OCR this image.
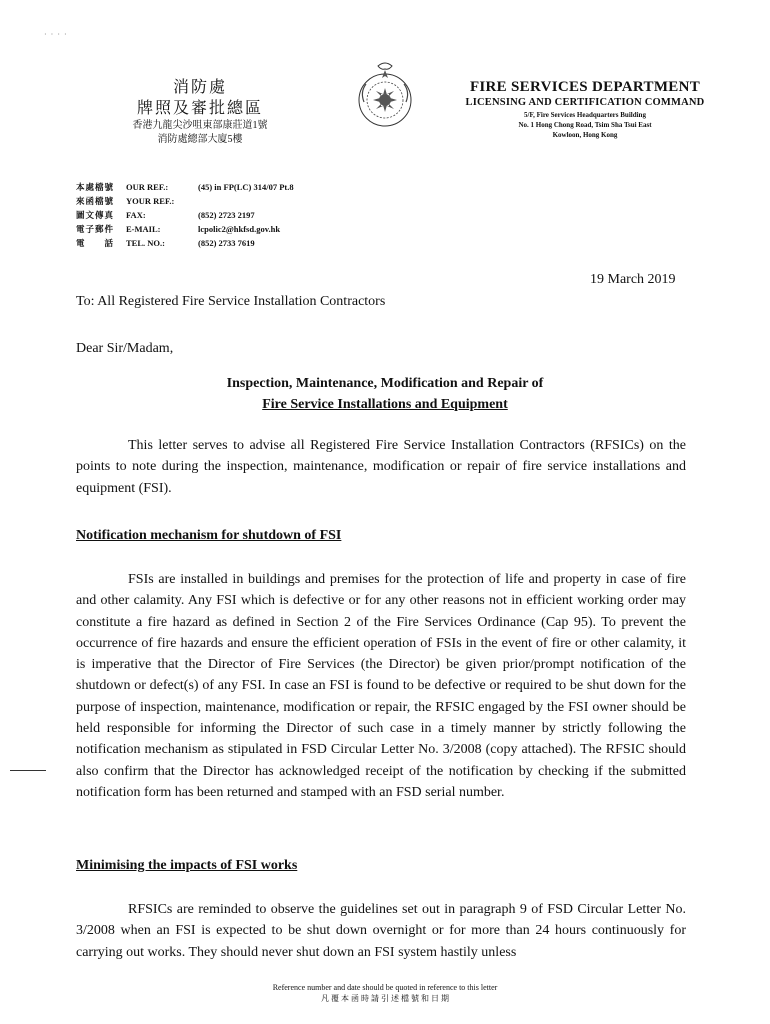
· · · ·
消防處
牌照及審批總區
香港九龍尖沙咀東部康莊道1號
消防處總部大廈5樓
FIRE SERVICES DEPARTMENT
LICENSING AND CERTIFICATION COMMAND
5/F, Fire Services Headquarters Building
No. 1 Hong Chong Road, Tsim Sha Tsui East
Kowloon, Hong Kong
本處檔號	OUR REF.:	(45) in FP(LC) 314/07 Pt.8
來函檔號	YOUR REF.:
圖文傳真	FAX:	(852) 2723 2197
電子郵件	E-MAIL:	lcpolic2@hkfsd.gov.hk
電　　話	TEL. NO.:	(852) 2733 7619
19 March 2019
To: All Registered Fire Service Installation Contractors
Dear Sir/Madam,
Inspection, Maintenance, Modification and Repair of
Fire Service Installations and Equipment
This letter serves to advise all Registered Fire Service Installation Contractors (RFSICs) on the points to note during the inspection, maintenance, modification or repair of fire service installations and equipment (FSI).
Notification mechanism for shutdown of FSI
FSIs are installed in buildings and premises for the protection of life and property in case of fire and other calamity. Any FSI which is defective or for any other reasons not in efficient working order may constitute a fire hazard as defined in Section 2 of the Fire Services Ordinance (Cap 95). To prevent the occurrence of fire hazards and ensure the efficient operation of FSIs in the event of fire or other calamity, it is imperative that the Director of Fire Services (the Director) be given prior/prompt notification of the shutdown or defect(s) of any FSI. In case an FSI is found to be defective or required to be shut down for the purpose of inspection, maintenance, modification or repair, the RFSIC engaged by the FSI owner should be held responsible for informing the Director of such case in a timely manner by strictly following the notification mechanism as stipulated in FSD Circular Letter No. 3/2008 (copy attached). The RFSIC should also confirm that the Director has acknowledged receipt of the notification by checking if the submitted notification form has been returned and stamped with an FSD serial number.
Minimising the impacts of FSI works
RFSICs are reminded to observe the guidelines set out in paragraph 9 of FSD Circular Letter No. 3/2008 when an FSI is expected to be shut down overnight or for more than 24 hours continuously for carrying out works. They should never shut down an FSI system hastily unless
Reference number and date should be quoted in reference to this letter
凡 覆 本 函 時 請 引 述 檔 號 和 日 期
